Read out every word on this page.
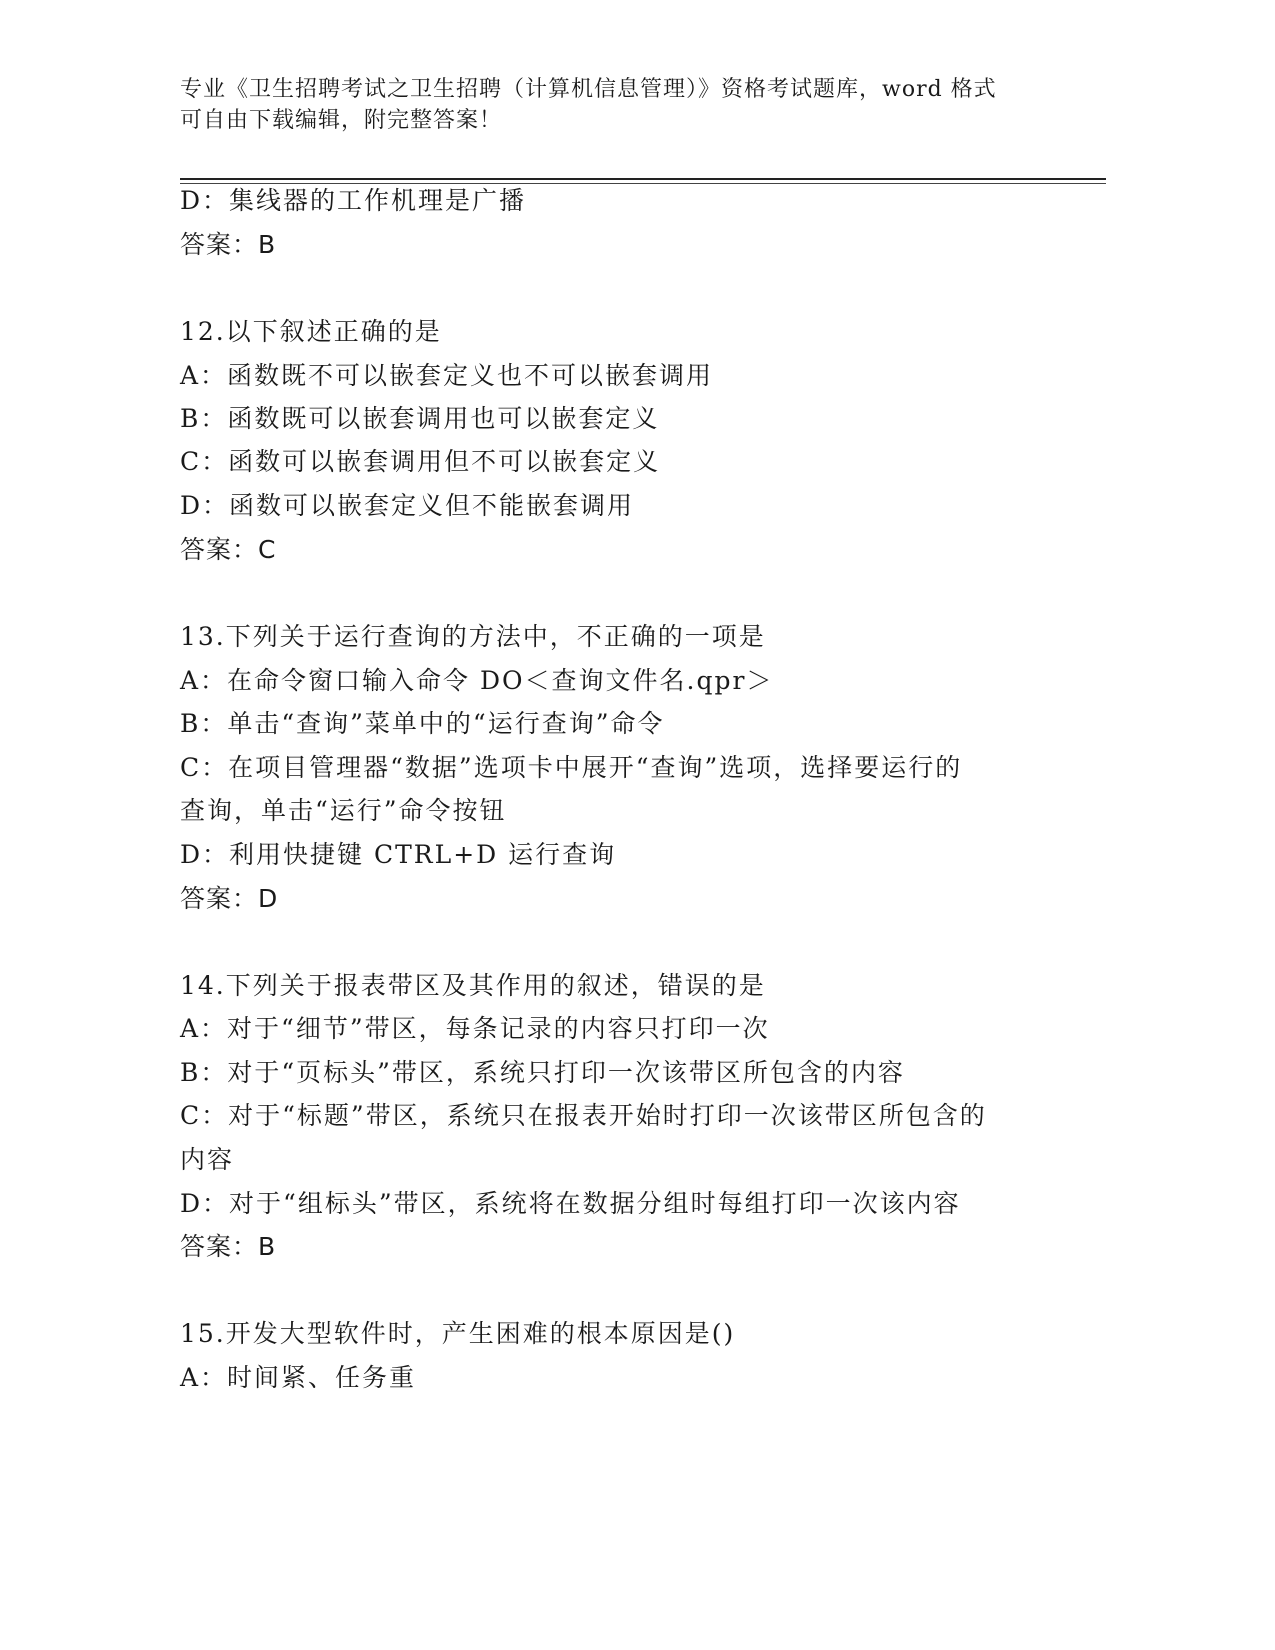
专业《卫生招聘考试之卫生招聘（计算机信息管理）》资格考试题库，word 格式
可自由下载编辑，附完整答案！
D：集线器的工作机理是广播
答案：B
12.以下叙述正确的是
A：函数既不可以嵌套定义也不可以嵌套调用
B：函数既可以嵌套调用也可以嵌套定义
C：函数可以嵌套调用但不可以嵌套定义
D：函数可以嵌套定义但不能嵌套调用
答案：C
13.下列关于运行查询的方法中，不正确的一项是
A：在命令窗口输入命令 DO＜查询文件名.qpr＞
B：单击“查询”菜单中的“运行查询”命令
C：在项目管理器“数据”选项卡中展开“查询”选项，选择要运行的
查询，单击“运行”命令按钮
D：利用快捷键 CTRL+D 运行查询
答案：D
14.下列关于报表带区及其作用的叙述，错误的是
A：对于“细节”带区，每条记录的内容只打印一次
B：对于“页标头”带区，系统只打印一次该带区所包含的内容
C：对于“标题”带区，系统只在报表开始时打印一次该带区所包含的
内容
D：对于“组标头”带区，系统将在数据分组时每组打印一次该内容
答案：B
15.开发大型软件时，产生困难的根本原因是()
A：时间紧、任务重
